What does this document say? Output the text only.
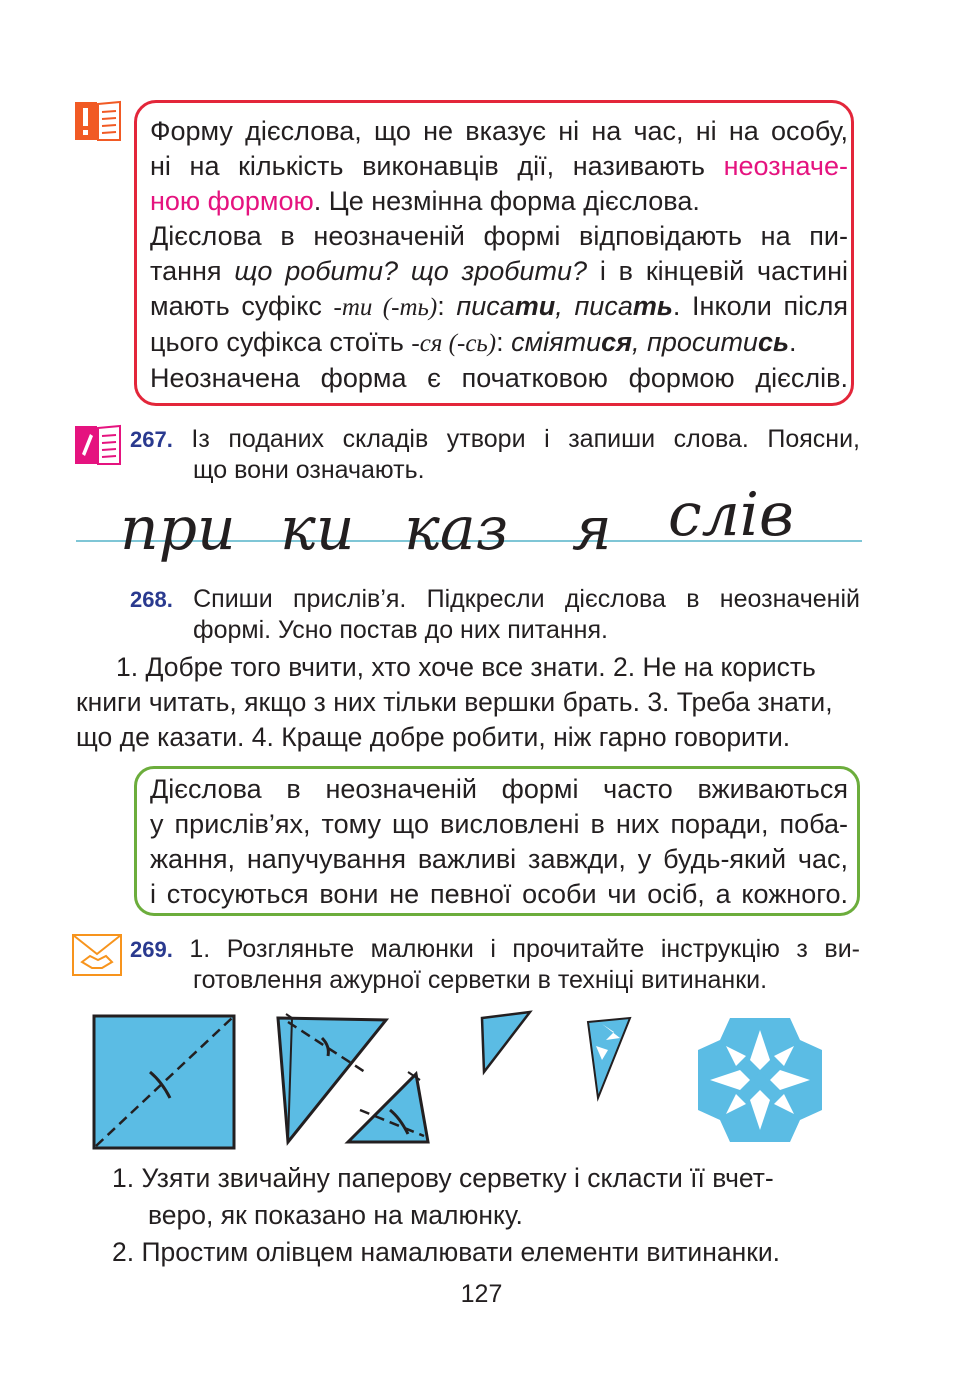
Форму дієслова, що не вказує ні на час, ні на особу,
ні на кількість виконавців дії, називають неозначе-
ною формою. Це незмінна форма дієслова.
Дієслова в неозначеній формі відповідають на пи-
тання що робити? що зробити? і в кінцевій частині
мають суфікс -ти (-ть): писати, писать. Інколи після
цього суфікса стоїть -ся (-сь): сміятися, проситись.
Неозначена форма є початковою формою дієслів.
267. Із поданих складів утвори і запиши слова. Поясни,
що вони означають.
при ки каз я слів
268. Спиши прислів’я. Підкресли дієслова в неозначеній
формі. Усно постав до них питання.
1. Добре того вчити, хто хоче все знати. 2. Не на користь
книги читать, якщо з них тільки вершки брать. 3. Треба знати,
що де казати. 4. Краще добре робити, ніж гарно говорити.
Дієслова в неозначеній формі часто вживаються
у прислів’ях, тому що висловлені в них поради, поба-
жання, напучування важливі завжди, у будь-який час,
і стосуються вони не певної особи чи осіб, а кожного.
269. 1. Розгляньте малюнки і прочитайте інструкцію з ви-
готовлення ажурної серветки в техніці витинанки.
1. Узяти звичайну паперову серветку і скласти її вчет-
веро, як показано на малюнку.
2. Простим олівцем намалювати елементи витинанки.
127
